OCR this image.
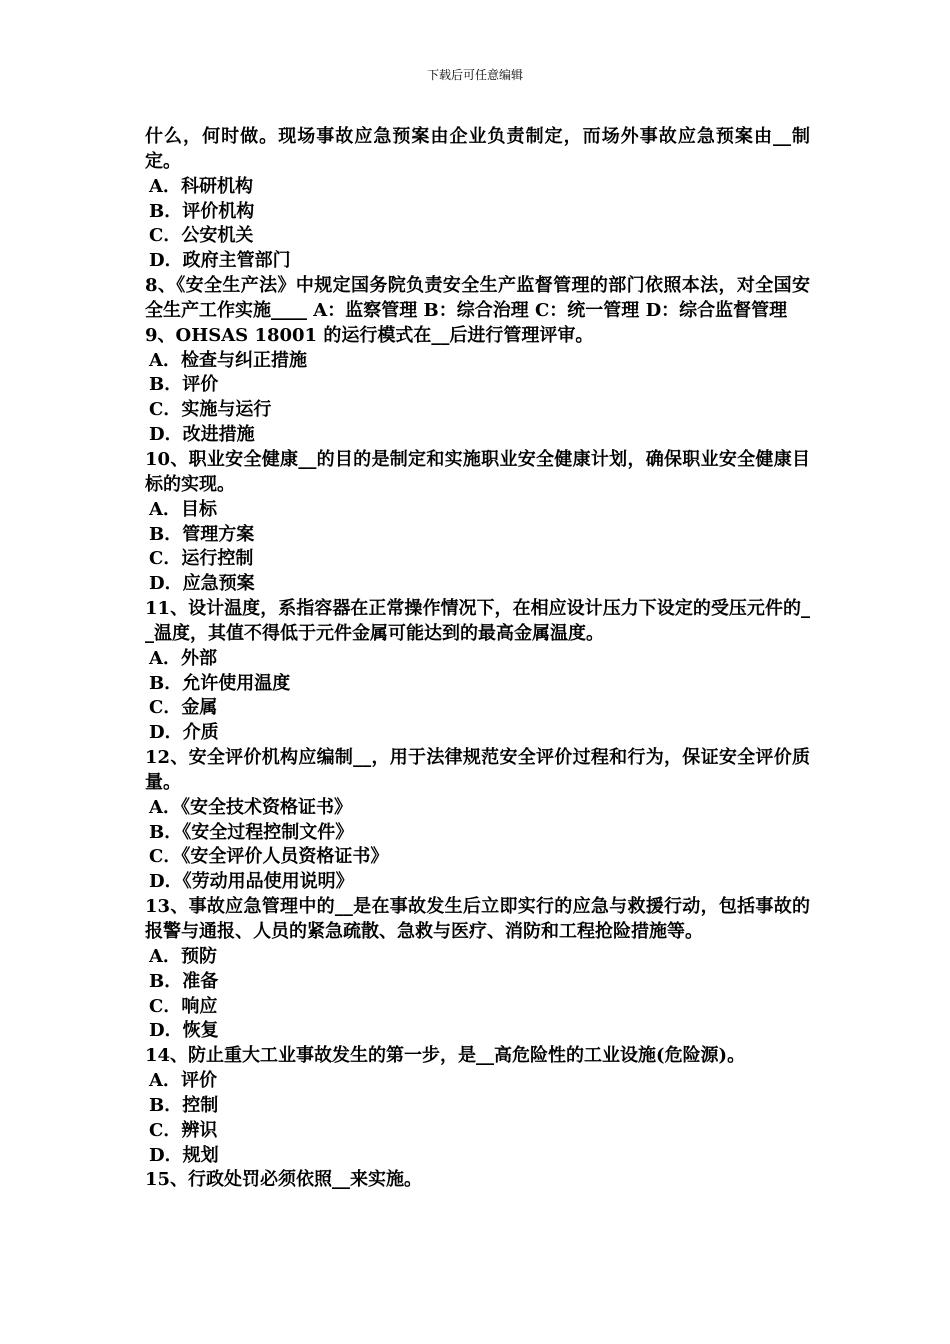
下载后可任意编辑
什么，何时做。现场事故应急预案由企业负责制定，而场外事故应急预案由__制定。
A．科研机构
B．评价机构
C．公安机关
D．政府主管部门
8、《安全生产法》中规定国务院负责安全生产监督管理的部门依照本法，对全国安全生产工作实施____ A：监察管理 B：综合治理 C：统一管理 D：综合监督管理
9、OHSAS 18001 的运行模式在__后进行管理评审。
A．检查与纠正措施
B．评价
C．实施与运行
D．改进措施
10、职业安全健康__的目的是制定和实施职业安全健康计划，确保职业安全健康目标的实现。
A．目标
B．管理方案
C．运行控制
D．应急预案
11、设计温度，系指容器在正常操作情况下，在相应设计压力下设定的受压元件的__温度，其值不得低于元件金属可能达到的最高金属温度。
A．外部
B．允许使用温度
C．金属
D．介质
12、安全评价机构应编制__，用于法律规范安全评价过程和行为，保证安全评价质量。
A．《安全技术资格证书》
B．《安全过程控制文件》
C．《安全评价人员资格证书》
D．《劳动用品使用说明》
13、事故应急管理中的__是在事故发生后立即实行的应急与救援行动，包括事故的报警与通报、人员的紧急疏散、急救与医疗、消防和工程抢险措施等。
A．预防
B．准备
C．响应
D．恢复
14、防止重大工业事故发生的第一步，是__高危险性的工业设施(危险源)。
A．评价
B．控制
C．辨识
D．规划
15、行政处罚必须依照__来实施。
